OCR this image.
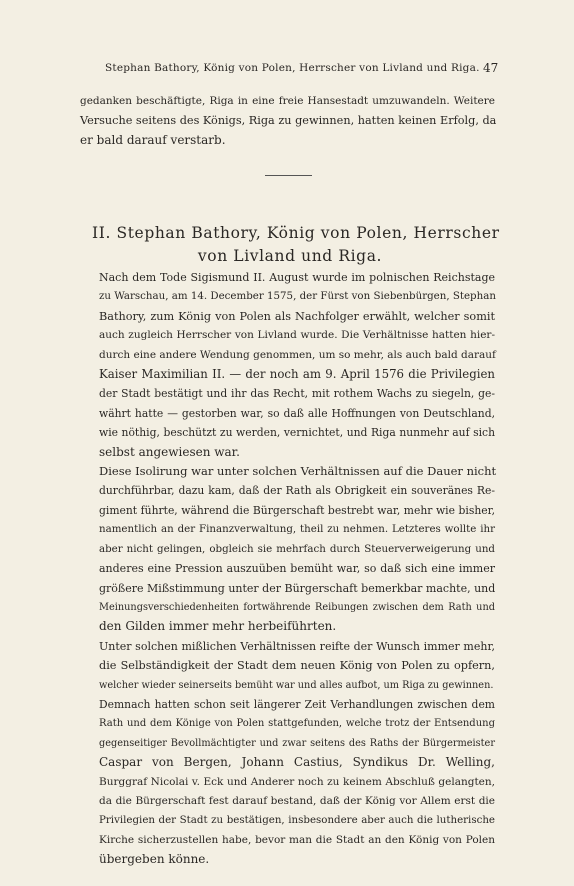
Stephan Bathory, König von Polen, Herrscher von Livland und Riga. 47

gedanken beschäftigte, Riga in eine freie Hansestadt umzuwandeln. Weitere
Versuche seitens des Königs, Riga zu gewinnen, hatten keinen Erfolg, da
er bald darauf verstarb.

II. Stephan Bathory, König von Polen, Herrscher
von Livland und Riga.

Nach dem Tode Sigismund II. August wurde im polnischen Reichstage
zu Warschau, am 14. December 1575, der Fürst von Siebenbürgen, Stephan
Bathory, zum König von Polen als Nachfolger erwählt, welcher somit
auch zugleich Herrscher von Livland wurde. Die Verhältnisse hatten hier-
durch eine andere Wendung genommen, um so mehr, als auch bald darauf
Kaiser Maximilian II. — der noch am 9. April 1576 die Privilegien
der Stadt bestätigt und ihr das Recht, mit rothem Wachs zu siegeln, ge-
währt hatte — gestorben war, so daß alle Hoffnungen von Deutschland,
wie nöthig, beschützt zu werden, vernichtet, und Riga nunmehr auf sich
selbst angewiesen war.

Diese Isolirung war unter solchen Verhältnissen auf die Dauer nicht
durchführbar, dazu kam, daß der Rath als Obrigkeit ein souveränes Re-
giment führte, während die Bürgerschaft bestrebt war, mehr wie bisher,
namentlich an der Finanzverwaltung, theil zu nehmen. Letzteres wollte ihr
aber nicht gelingen, obgleich sie mehrfach durch Steuerverweigerung und
anderes eine Pression auszuüben bemüht war, so daß sich eine immer
größere Mißstimmung unter der Bürgerschaft bemerkbar machte, und
Meinungsverschiedenheiten fortwährende Reibungen zwischen dem Rath und
den Gilden immer mehr herbeiführten.

Unter solchen mißlichen Verhältnissen reifte der Wunsch immer mehr,
die Selbständigkeit der Stadt dem neuen König von Polen zu opfern,
welcher wieder seinerseits bemüht war und alles aufbot, um Riga zu gewinnen.

Demnach hatten schon seit längerer Zeit Verhandlungen zwischen dem
Rath und dem Könige von Polen stattgefunden, welche trotz der Entsendung
gegenseitiger Bevollmächtigter und zwar seitens des Raths der Bürgermeister
Caspar von Bergen, Johann Castius, Syndikus Dr. Welling,
Burggraf Nicolai v. Eck und Anderer noch zu keinem Abschluß gelangten,
da die Bürgerschaft fest darauf bestand, daß der König vor Allem erst die
Privilegien der Stadt zu bestätigen, insbesondere aber auch die lutherische
Kirche sicherzustellen habe, bevor man die Stadt an den König von Polen
übergeben könne.
